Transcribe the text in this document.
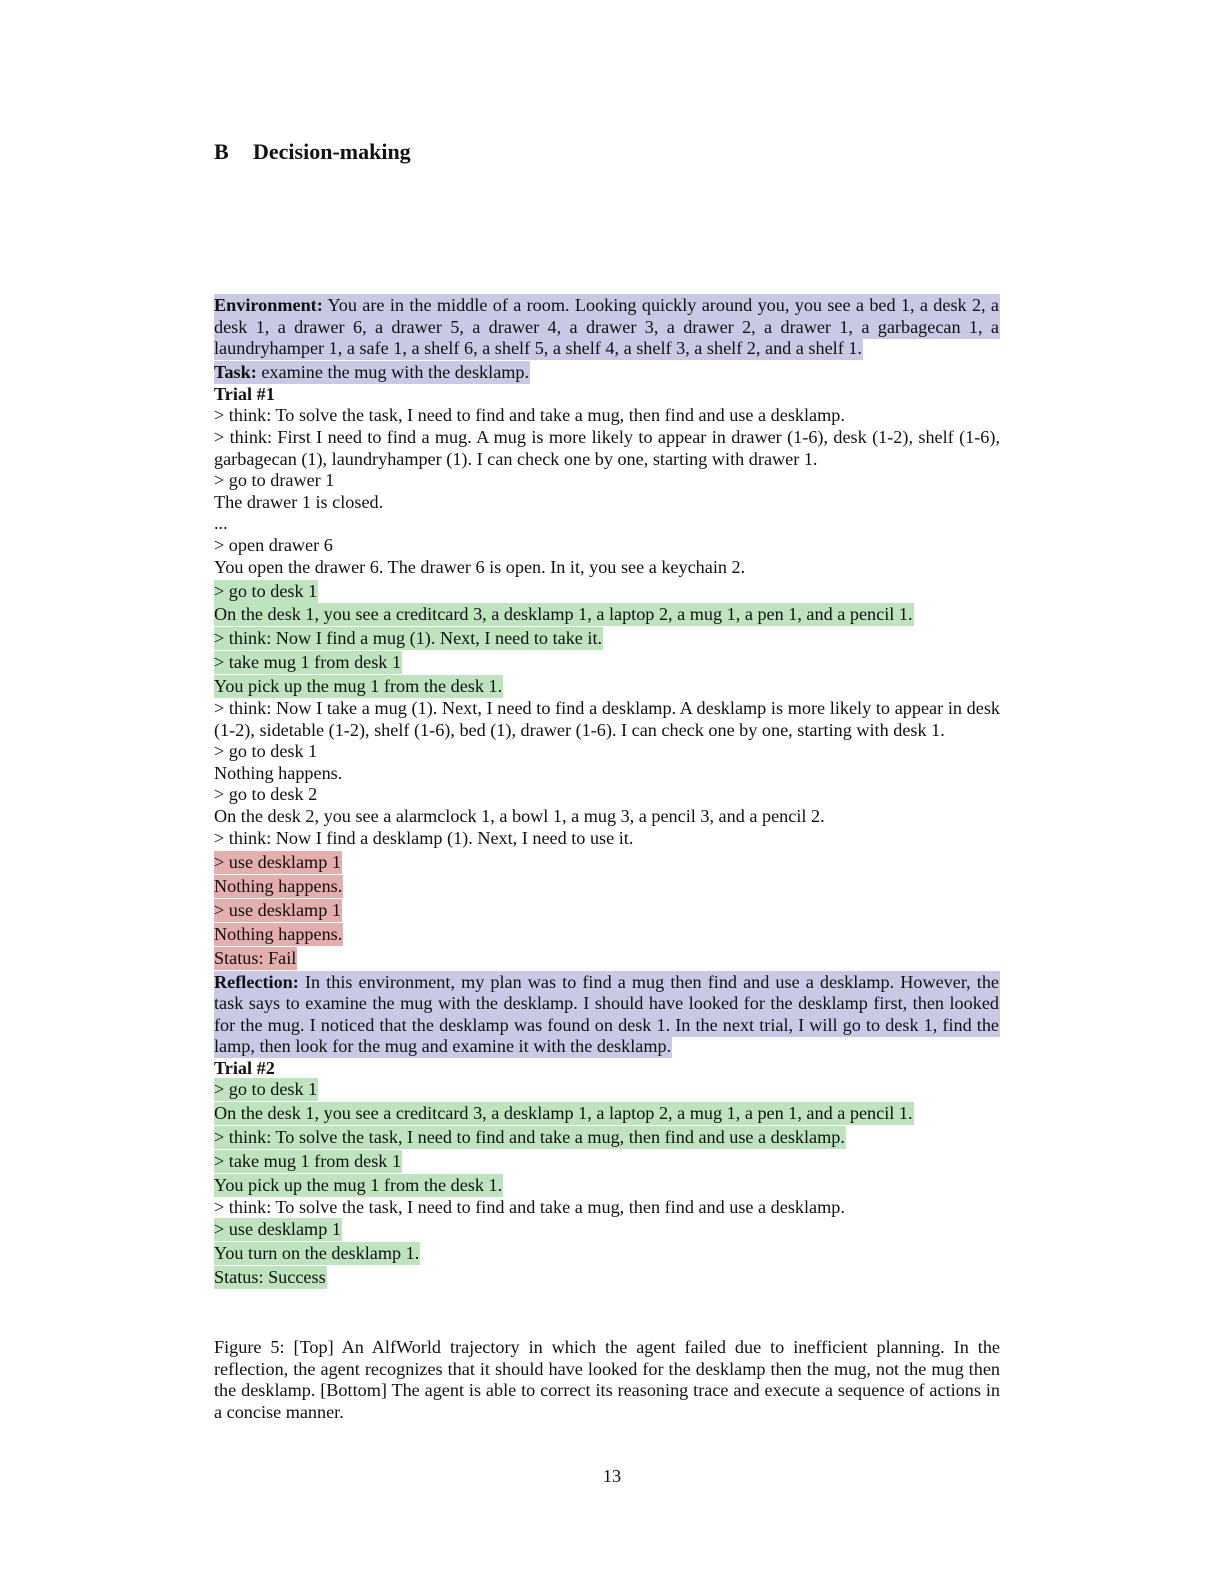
B Decision-making

Environment: You are in the middle of a room. Looking quickly around you, you see a bed 1, a desk 2, a desk 1, a drawer 6, a drawer 5, a drawer 4, a drawer 3, a drawer 2, a drawer 1, a garbagecan 1, a laundryhamper 1, a safe 1, a shelf 6, a shelf 5, a shelf 4, a shelf 3, a shelf 2, and a shelf 1.

Task: examine the mug with the desklamp.

Trial #1

> think: To solve the task, I need to find and take a mug, then find and use a desklamp.

> think: First I need to find a mug. A mug is more likely to appear in drawer (1-6), desk (1-2), shelf (1-6), garbagecan (1), laundryhamper (1). I can check one by one, starting with drawer 1.

> go to drawer 1

The drawer 1 is closed.

...

> open drawer 6

You open the drawer 6. The drawer 6 is open. In it, you see a keychain 2.

> go to desk 1

On the desk 1, you see a creditcard 3, a desklamp 1, a laptop 2, a mug 1, a pen 1, and a pencil 1.

> think: Now I find a mug (1). Next, I need to take it.

> take mug 1 from desk 1

You pick up the mug 1 from the desk 1.

> think: Now I take a mug (1). Next, I need to find a desklamp. A desklamp is more likely to appear in desk (1-2), sidetable (1-2), shelf (1-6), bed (1), drawer (1-6). I can check one by one, starting with desk 1.

> go to desk 1

Nothing happens.

> go to desk 2

On the desk 2, you see a alarmclock 1, a bowl 1, a mug 3, a pencil 3, and a pencil 2.

> think: Now I find a desklamp (1). Next, I need to use it.

> use desklamp 1

Nothing happens.

> use desklamp 1

Nothing happens.

Status: Fail

Reflection: In this environment, my plan was to find a mug then find and use a desklamp. However, the task says to examine the mug with the desklamp. I should have looked for the desklamp first, then looked for the mug. I noticed that the desklamp was found on desk 1. In the next trial, I will go to desk 1, find the lamp, then look for the mug and examine it with the desklamp.

Trial #2

> go to desk 1

On the desk 1, you see a creditcard 3, a desklamp 1, a laptop 2, a mug 1, a pen 1, and a pencil 1.

> think: To solve the task, I need to find and take a mug, then find and use a desklamp.

> take mug 1 from desk 1

You pick up the mug 1 from the desk 1.

> think: To solve the task, I need to find and take a mug, then find and use a desklamp.

> use desklamp 1

You turn on the desklamp 1.

Status: Success

Figure 5: [Top] An AlfWorld trajectory in which the agent failed due to inefficient planning. In the reflection, the agent recognizes that it should have looked for the desklamp then the mug, not the mug then the desklamp. [Bottom] The agent is able to correct its reasoning trace and execute a sequence of actions in a concise manner.

13
